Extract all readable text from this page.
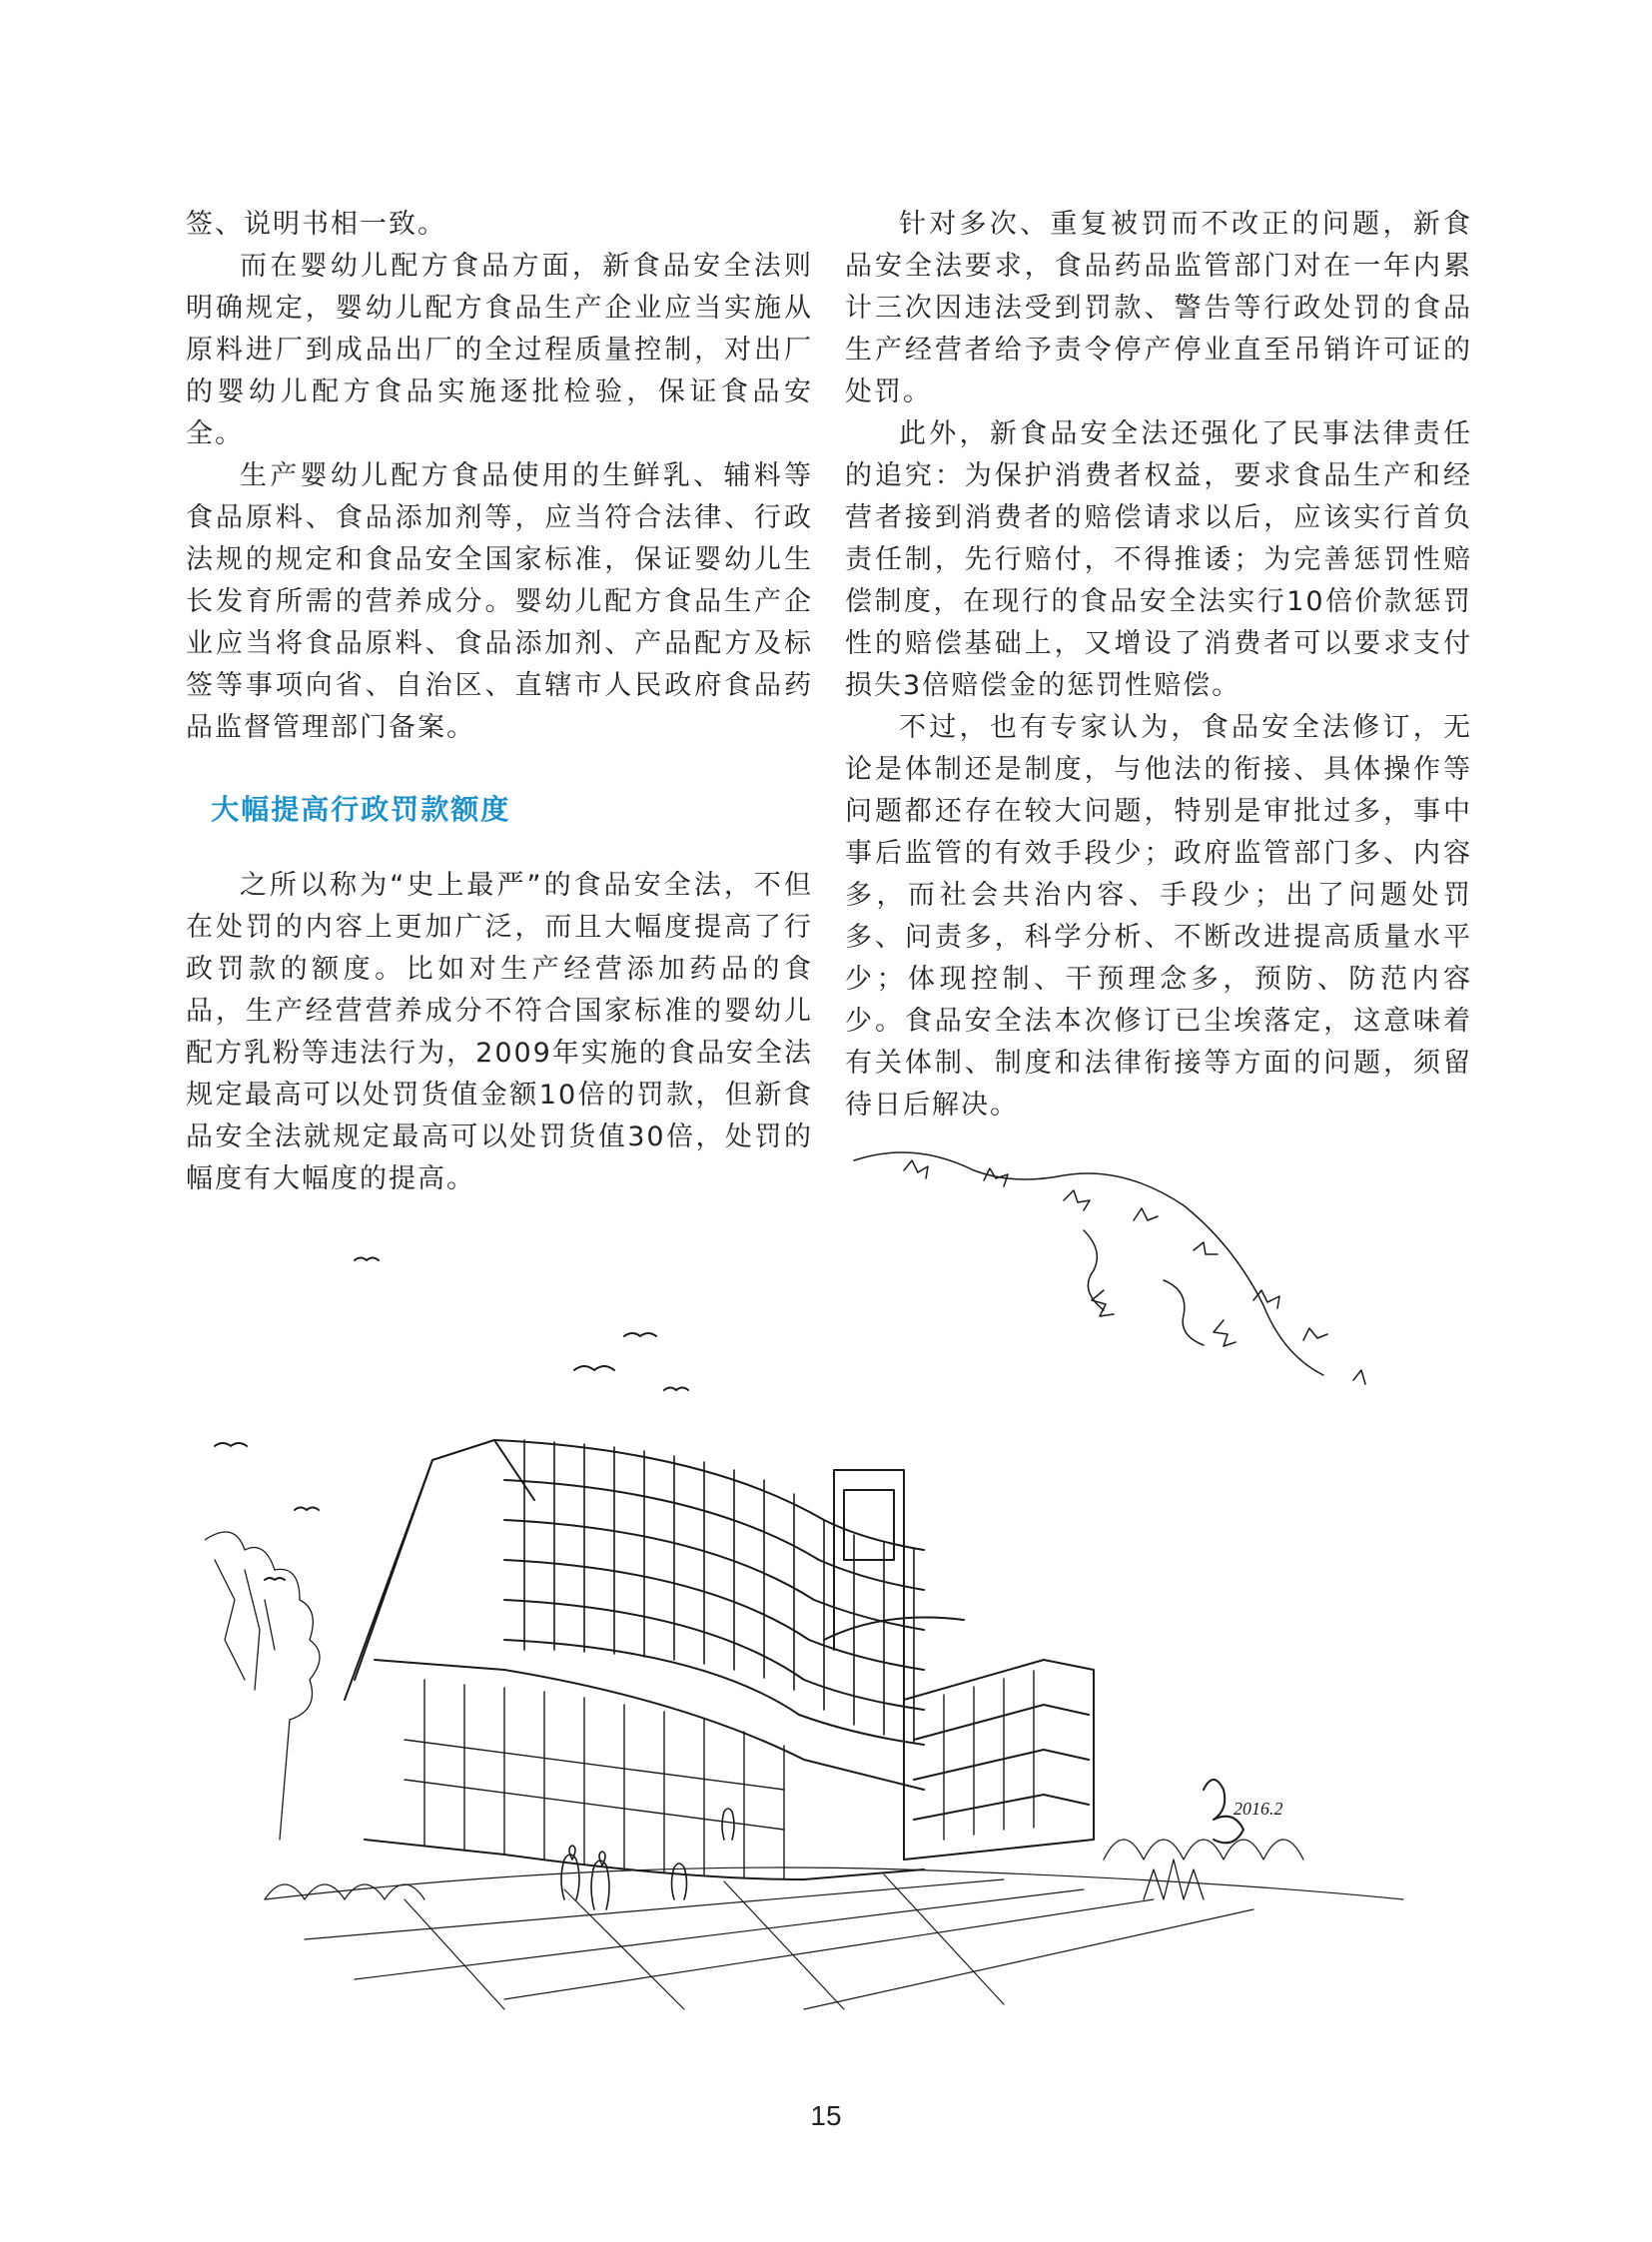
签、说明书相一致。

而在婴幼儿配方食品方面，新食品安全法则明确规定，婴幼儿配方食品生产企业应当实施从原料进厂到成品出厂的全过程质量控制，对出厂的婴幼儿配方食品实施逐批检验，保证食品安全。

生产婴幼儿配方食品使用的生鲜乳、辅料等食品原料、食品添加剂等，应当符合法律、行政法规的规定和食品安全国家标准，保证婴幼儿生长发育所需的营养成分。婴幼儿配方食品生产企业应当将食品原料、食品添加剂、产品配方及标签等事项向省、自治区、直辖市人民政府食品药品监督管理部门备案。

大幅提高行政罚款额度

之所以称为“史上最严”的食品安全法，不但在处罚的内容上更加广泛，而且大幅度提高了行政罚款的额度。比如对生产经营添加药品的食品，生产经营营养成分不符合国家标准的婴幼儿配方乳粉等违法行为，2009年实施的食品安全法规定最高可以处罚货值金额10倍的罚款，但新食品安全法就规定最高可以处罚货值30倍，处罚的幅度有大幅度的提高。

针对多次、重复被罚而不改正的问题，新食品安全法要求，食品药品监管部门对在一年内累计三次因违法受到罚款、警告等行政处罚的食品生产经营者给予责令停产停业直至吊销许可证的处罚。

此外，新食品安全法还强化了民事法律责任的追究：为保护消费者权益，要求食品生产和经营者接到消费者的赔偿请求以后，应该实行首负责任制，先行赔付，不得推诿；为完善惩罚性赔偿制度，在现行的食品安全法实行10倍价款惩罚性的赔偿基础上，又增设了消费者可以要求支付损失3倍赔偿金的惩罚性赔偿。

不过，也有专家认为，食品安全法修订，无论是体制还是制度，与他法的衔接、具体操作等问题都还存在较大问题，特别是审批过多，事中事后监管的有效手段少；政府监管部门多、内容多，而社会共治内容、手段少；出了问题处罚多、问责多，科学分析、不断改进提高质量水平少；体现控制、干预理念多，预防、防范内容少。食品安全法本次修订已尘埃落定，这意味着有关体制、制度和法律衔接等方面的问题，须留待日后解决。

2016.2
15
